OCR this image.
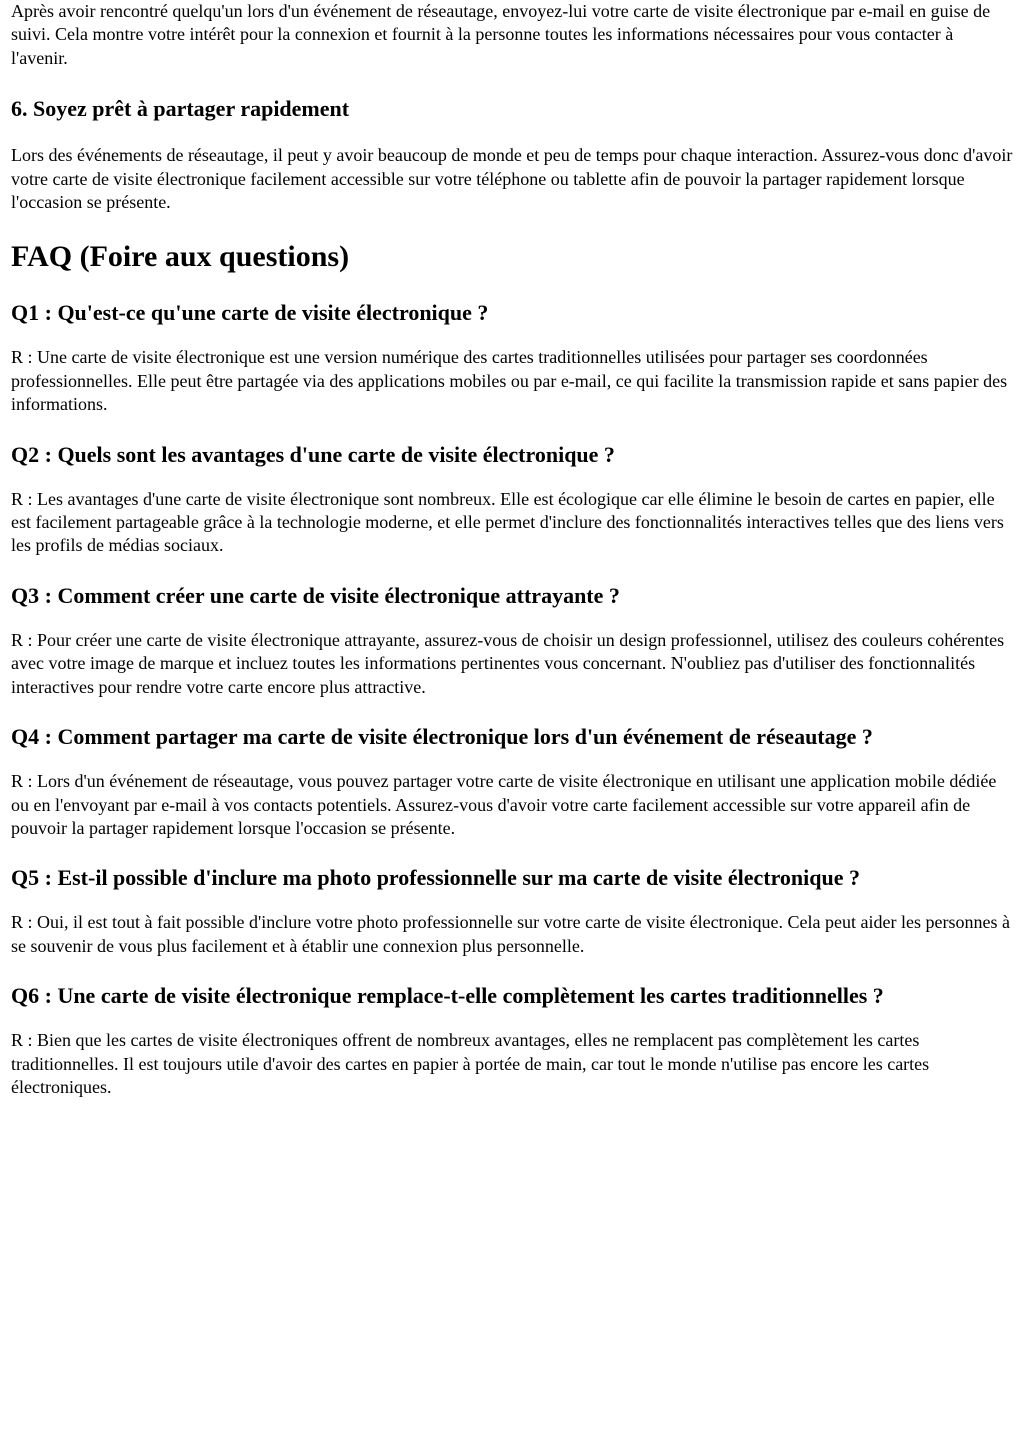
Après avoir rencontré quelqu'un lors d'un événement de réseautage, envoyez-lui votre carte de visite électronique par e-mail en guise de suivi. Cela montre votre intérêt pour la connexion et fournit à la personne toutes les informations nécessaires pour vous contacter à l'avenir.

6. Soyez prêt à partager rapidement

Lors des événements de réseautage, il peut y avoir beaucoup de monde et peu de temps pour chaque interaction. Assurez-vous donc d'avoir votre carte de visite électronique facilement accessible sur votre téléphone ou tablette afin de pouvoir la partager rapidement lorsque l'occasion se présente.

FAQ (Foire aux questions)
Q1 : Qu'est-ce qu'une carte de visite électronique ?

R : Une carte de visite électronique est une version numérique des cartes traditionnelles utilisées pour partager ses coordonnées professionnelles. Elle peut être partagée via des applications mobiles ou par e-mail, ce qui facilite la transmission rapide et sans papier des informations.

Q2 : Quels sont les avantages d'une carte de visite électronique ?

R : Les avantages d'une carte de visite électronique sont nombreux. Elle est écologique car elle élimine le besoin de cartes en papier, elle est facilement partageable grâce à la technologie moderne, et elle permet d'inclure des fonctionnalités interactives telles que des liens vers les profils de médias sociaux.

Q3 : Comment créer une carte de visite électronique attrayante ?

R : Pour créer une carte de visite électronique attrayante, assurez-vous de choisir un design professionnel, utilisez des couleurs cohérentes avec votre image de marque et incluez toutes les informations pertinentes vous concernant. N'oubliez pas d'utiliser des fonctionnalités interactives pour rendre votre carte encore plus attractive.

Q4 : Comment partager ma carte de visite électronique lors d'un événement de réseautage ?

R : Lors d'un événement de réseautage, vous pouvez partager votre carte de visite électronique en utilisant une application mobile dédiée ou en l'envoyant par e-mail à vos contacts potentiels. Assurez-vous d'avoir votre carte facilement accessible sur votre appareil afin de pouvoir la partager rapidement lorsque l'occasion se présente.

Q5 : Est-il possible d'inclure ma photo professionnelle sur ma carte de visite électronique ?

R : Oui, il est tout à fait possible d'inclure votre photo professionnelle sur votre carte de visite électronique. Cela peut aider les personnes à se souvenir de vous plus facilement et à établir une connexion plus personnelle.

Q6 : Une carte de visite électronique remplace-t-elle complètement les cartes traditionnelles ?

R : Bien que les cartes de visite électroniques offrent de nombreux avantages, elles ne remplacent pas complètement les cartes traditionnelles. Il est toujours utile d'avoir des cartes en papier à portée de main, car tout le monde n'utilise pas encore les cartes électroniques.
